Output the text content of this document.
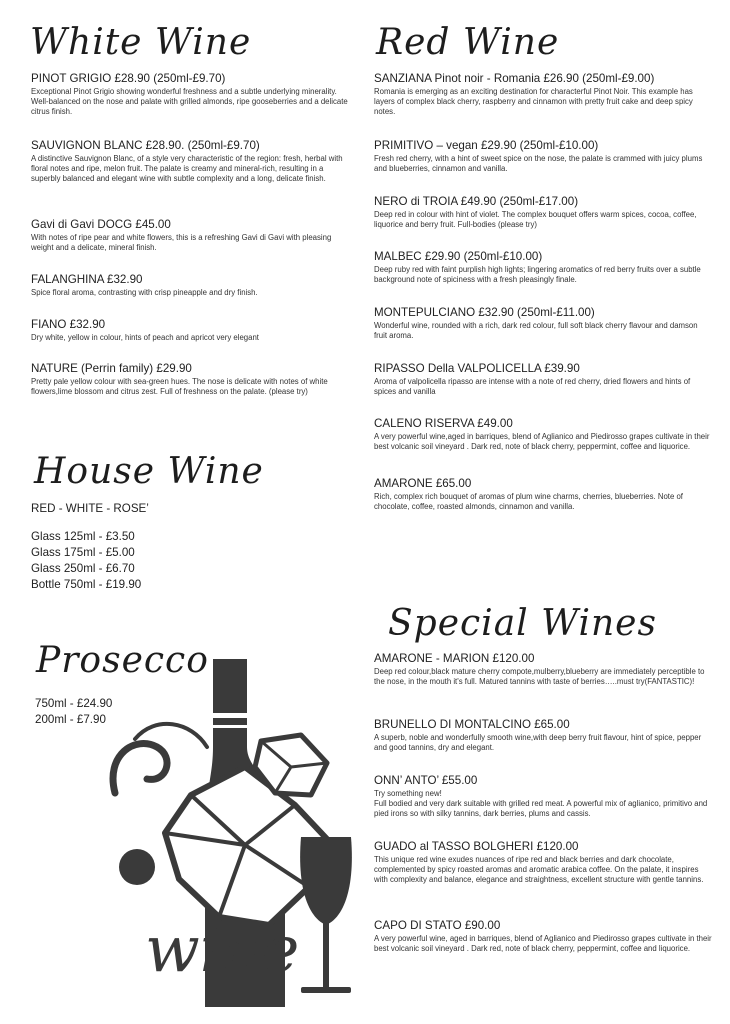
White Wine
PINOT GRIGIO £28.90 (250ml-£9.70)
Exceptional Pinot Grigio showing wonderful freshness and a subtle underlying minerality. Well-balanced on the nose and palate with grilled almonds, ripe gooseberries and a delicate citrus finish.
SAUVIGNON BLANC £28.90. (250ml-£9.70)
A distinctive Sauvignon Blanc, of a style very characteristic of the region: fresh, herbal with floral notes and ripe, melon fruit. The palate is creamy and mineral-rich, resulting in a superbly balanced and elegant wine with subtle complexity and a long, delicate finish.
Gavi di Gavi DOCG £45.00
With notes of ripe pear and white flowers, this is a refreshing Gavi di Gavi with pleasing weight and a delicate, mineral finish.
FALANGHINA £32.90
Spice floral aroma, contrasting with crisp pineapple and dry finish.
FIANO £32.90
Dry white, yellow in colour, hints of peach and apricot very elegant
NATURE (Perrin family) £29.90
Pretty pale yellow colour with sea-green hues. The nose is delicate with notes of white flowers,lime blossom and citrus zest. Full of freshness on the palate. (please try)
House Wine
RED - WHITE - ROSE’
Glass 125ml - £3.50
Glass 175ml - £5.00
Glass 250ml - £6.70
Bottle 750ml - £19.90
Prosecco
750ml - £24.90
200ml - £7.90
wine
Red Wine
SANZIANA Pinot noir - Romania £26.90 (250ml-£9.00)
Romania is emerging as an exciting destination for characterful Pinot Noir. This example has layers of complex black cherry, raspberry and cinnamon with pretty fruit cake and deep spicy notes.
PRIMITIVO – vegan £29.90 (250ml-£10.00)
Fresh red cherry, with a hint of sweet spice on the nose, the palate is crammed with juicy plums and blueberries, cinnamon and vanilla.
NERO di TROIA £49.90 (250ml-£17.00)
Deep red in colour with hint of violet. The complex bouquet offers warm spices, cocoa, coffee, liquorice and berry fruit. Full-bodies (please try)
MALBEC £29.90 (250ml-£10.00)
Deep ruby red with faint purplish high lights; lingering aromatics of red berry fruits over a subtle background note of spiciness with a fresh pleasingly finale.
MONTEPULCIANO £32.90 (250ml-£11.00)
Wonderful wine, rounded with a rich, dark red colour, full soft black cherry flavour and damson fruit aroma.
RIPASSO Della VALPOLICELLA £39.90
Aroma of valpolicella ripasso are intense with a note of red cherry, dried flowers and hints of spices and vanilla
CALENO RISERVA £49.00
A very powerful wine,aged in barriques, blend of Aglianico and Piedirosso grapes cultivate in their best volcanic soil vineyard . Dark red, note of black cherry, peppermint, coffee and liquorice.
AMARONE £65.00
Rich, complex rich bouquet of aromas of plum wine charms, cherries, blueberries. Note of chocolate, coffee, roasted almonds, cinnamon and vanilla.
Special Wines
AMARONE - MARION £120.00
Deep red colour,black mature cherry compote,mulberry,blueberry are immediately perceptible to the nose, in the mouth it's full. Matured tannins with taste of berries…..must try(FANTASTIC)!
BRUNELLO DI MONTALCINO £65.00
A superb, noble and wonderfully smooth wine,with deep berry fruit flavour, hint of spice, pepper and good tannins, dry and elegant.
ONN’ ANTO’ £55.00
Try something new!
Full bodied and very dark suitable with grilled red meat. A powerful mix of aglianico, primitivo and pied irons so with silky tannins, dark berries, plums and cassis.
GUADO al TASSO BOLGHERI £120.00
This unique red wine exudes nuances of ripe red and black berries and dark chocolate, complemented by spicy roasted aromas and aromatic arabica coffee. On the palate, it inspires with complexity and balance, elegance and straightness, excellent structure with gentle tannins.
CAPO DI STATO £90.00
A very powerful wine, aged in barriques, blend of Aglianico and Piedirosso grapes cultivate in their best volcanic soil vineyard . Dark red, note of black cherry, peppermint, coffee and liquorice.
